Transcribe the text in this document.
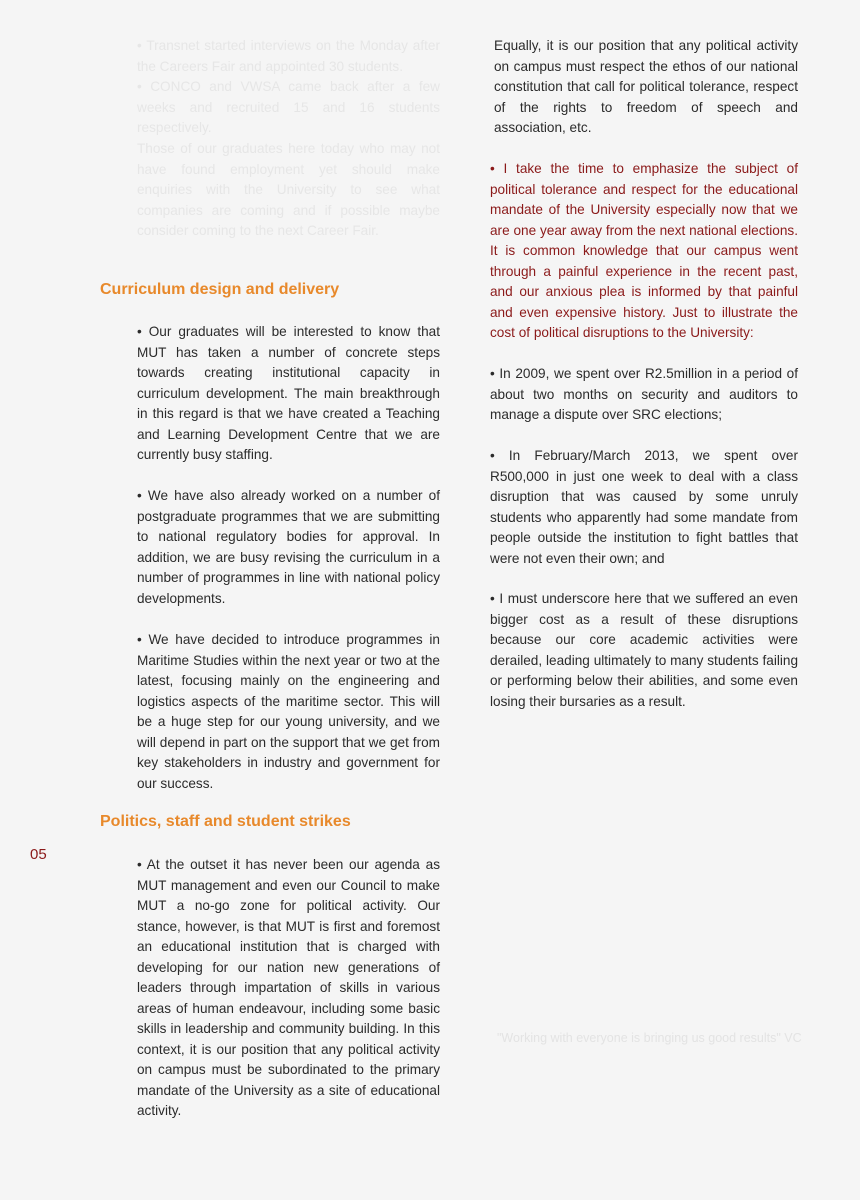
• Transnet started interviews on the Monday after the Careers Fair and appointed 30 students.

• CONCO and VWSA came back after a few weeks and recruited 15 and 16 students respectively.

Those of our graduates here today who may not have found employment yet should make enquiries with the University to see what companies are coming and if possible maybe consider coming to the next Career Fair.

Curriculum design and delivery

• Our graduates will be interested to know that MUT has taken a number of concrete steps towards creating institutional capacity in curriculum development. The main breakthrough in this regard is that we have created a Teaching and Learning Development Centre that we are currently busy staffing.

• We have also already worked on a number of postgraduate programmes that we are submitting to national regulatory bodies for approval. In addition, we are busy revising the curriculum in a number of programmes in line with national policy developments.

• We have decided to introduce programmes in Maritime Studies within the next year or two at the latest, focusing mainly on the engineering and logistics aspects of the maritime sector. This will be a huge step for our young university, and we will depend in part on the support that we get from key stakeholders in industry and government for our success.

Politics, staff and student strikes

• At the outset it has never been our agenda as MUT management and even our Council to make MUT a no-go zone for political activity. Our stance, however, is that MUT is first and foremost an educational institution that is charged with developing for our nation new generations of leaders through impartation of skills in various areas of human endeavour, including some basic skills in leadership and community building. In this context, it is our position that any political activity on campus must be subordinated to the primary mandate of the University as a site of educational activity.

05

Equally, it is our position that any political activity on campus must respect the ethos of our national constitution that call for political tolerance, respect of the rights to freedom of speech and association, etc.

• I take the time to emphasize the subject of political tolerance and respect for the educational mandate of the University especially now that we are one year away from the next national elections. It is common knowledge that our campus went through a painful experience in the recent past, and our anxious plea is informed by that painful and even expensive history. Just to illustrate the cost of political disruptions to the University:

• In 2009, we spent over R2.5million in a period of about two months on security and auditors to manage a dispute over SRC elections;

• In February/March 2013, we spent over R500,000 in just one week to deal with a class disruption that was caused by some unruly students who apparently had some mandate from people outside the institution to fight battles that were not even their own; and

• I must underscore here that we suffered an even bigger cost as a result of these disruptions because our core academic activities were derailed, leading ultimately to many students failing or performing below their abilities, and some even losing their bursaries as a result.

"Working with everyone is bringing us good results" VC
